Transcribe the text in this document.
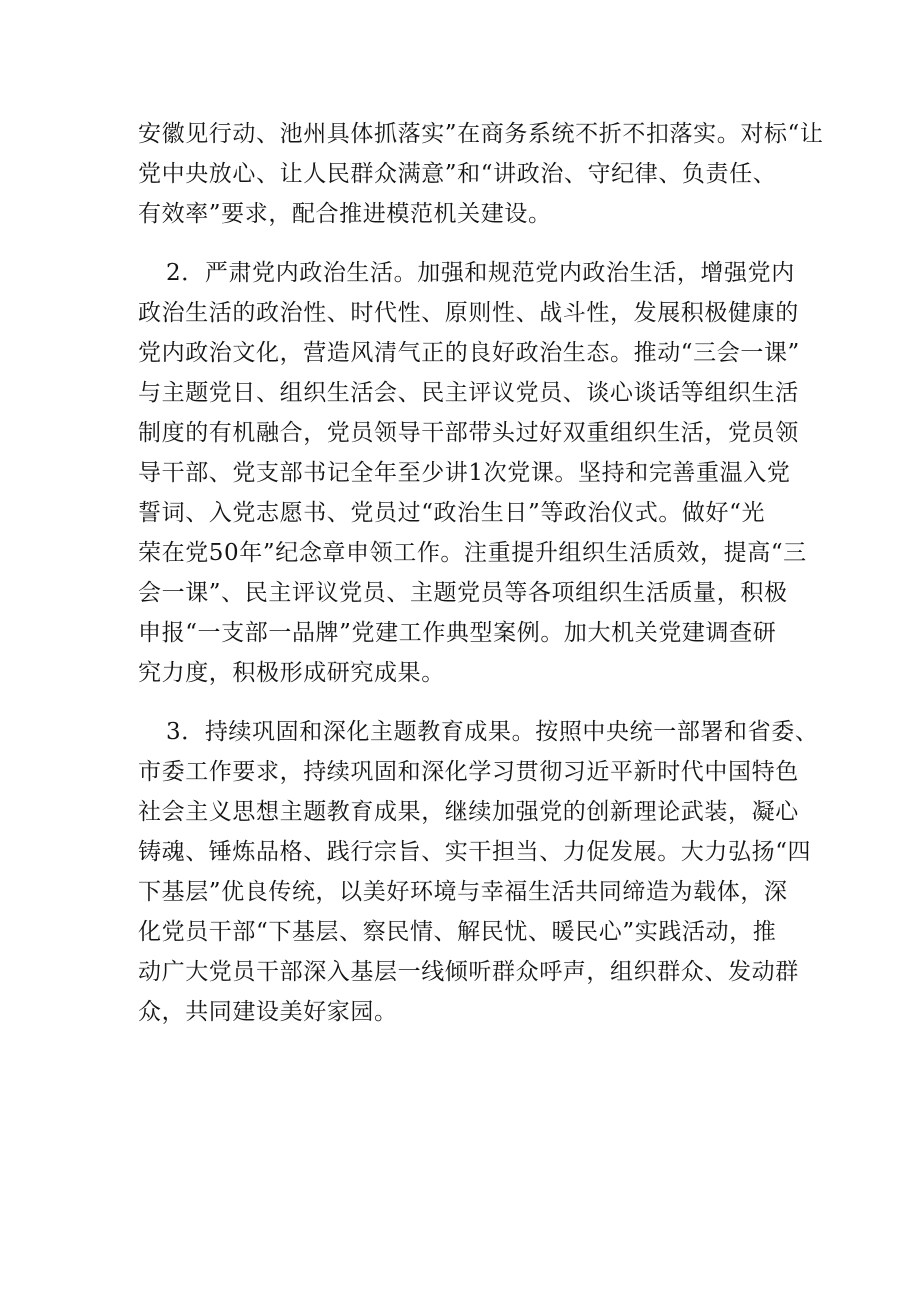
安徽见行动、池州具体抓落实”在商务系统不折不扣落实。对标“让
党中央放心、让人民群众满意”和“讲政治、守纪律、负责任、
有效率”要求，配合推进模范机关建设。
2．严肃党内政治生活。加强和规范党内政治生活，增强党内
政治生活的政治性、时代性、原则性、战斗性，发展积极健康的
党内政治文化，营造风清气正的良好政治生态。推动“三会一课”
与主题党日、组织生活会、民主评议党员、谈心谈话等组织生活
制度的有机融合，党员领导干部带头过好双重组织生活，党员领
导干部、党支部书记全年至少讲1次党课。坚持和完善重温入党
誓词、入党志愿书、党员过“政治生日”等政治仪式。做好“光
荣在党50年”纪念章申领工作。注重提升组织生活质效，提高“三
会一课”、民主评议党员、主题党员等各项组织生活质量，积极
申报“一支部一品牌”党建工作典型案例。加大机关党建调查研
究力度，积极形成研究成果。
3．持续巩固和深化主题教育成果。按照中央统一部署和省委、
市委工作要求，持续巩固和深化学习贯彻习近平新时代中国特色
社会主义思想主题教育成果，继续加强党的创新理论武装，凝心
铸魂、锤炼品格、践行宗旨、实干担当、力促发展。大力弘扬“四
下基层”优良传统，以美好环境与幸福生活共同缔造为载体，深
化党员干部“下基层、察民情、解民忧、暖民心”实践活动，推
动广大党员干部深入基层一线倾听群众呼声，组织群众、发动群
众，共同建设美好家园。
